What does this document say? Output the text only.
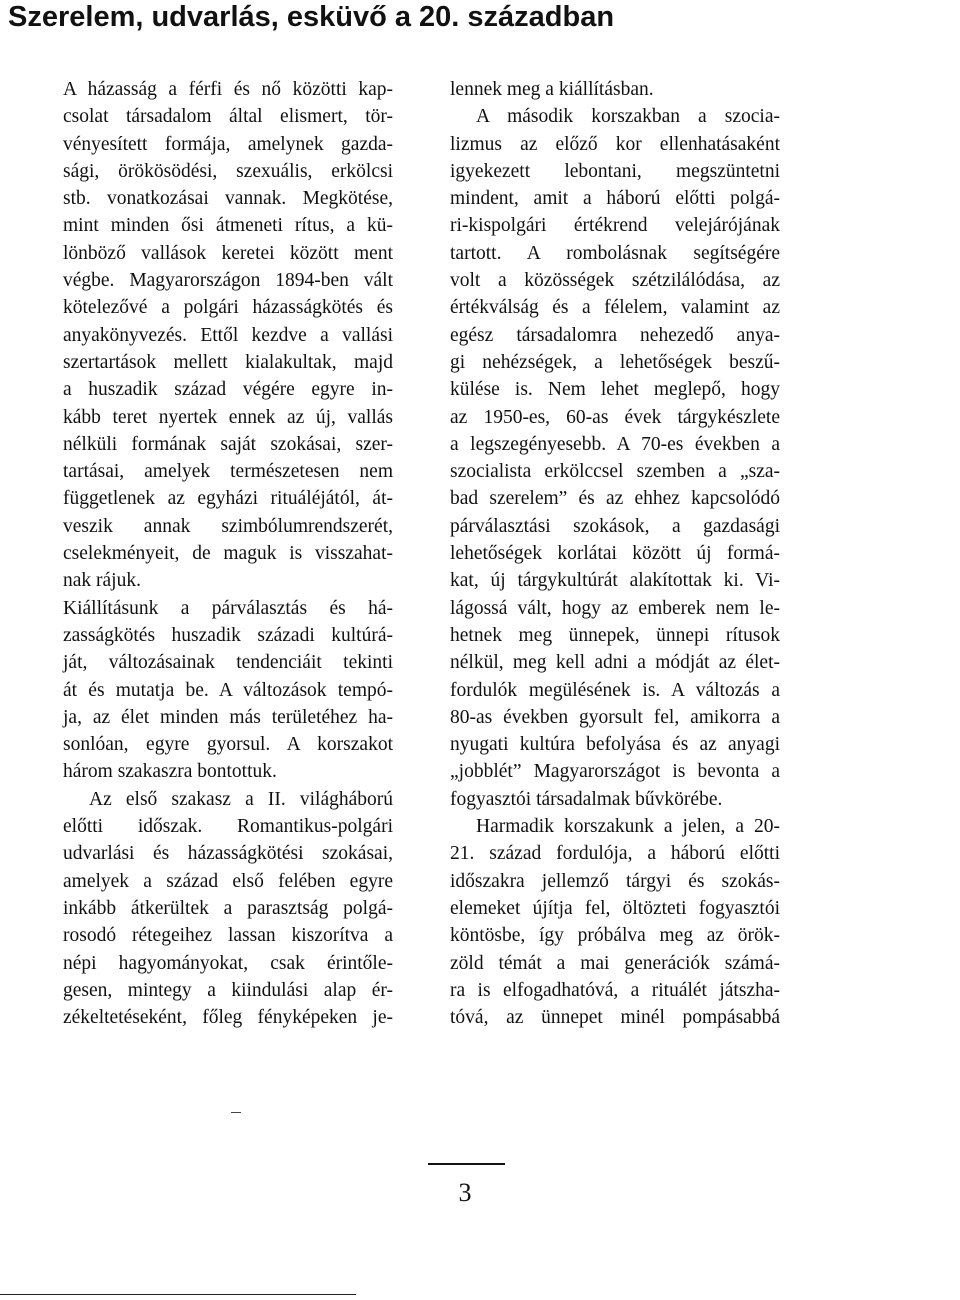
Szerelem, udvarlás, esküvő a 20. században
A házasság a férfi és nő közötti kap-
csolat társadalom által elismert, tör-
vényesített formája, amelynek gazda-
sági, örökösödési, szexuális, erkölcsi
stb. vonatkozásai vannak. Megkötése,
mint minden ősi átmeneti rítus, a kü-
lönböző vallások keretei között ment
végbe. Magyarországon 1894-ben vált
kötelezővé a polgári házasságkötés és
anyakönyvezés. Ettől kezdve a vallási
szertartások mellett kialakultak, majd
a huszadik század végére egyre in-
kább teret nyertek ennek az új, vallás
nélküli formának saját szokásai, szer-
tartásai, amelyek természetesen nem
függetlenek az egyházi rituáléjától, át-
veszik annak szimbólumrendszerét,
cselekményeit, de maguk is visszahat-
nak rájuk.
Kiállításunk a párválasztás és há-
zasságkötés huszadik századi kultúrá-
ját, változásainak tendenciáit tekinti
át és mutatja be. A változások tempó-
ja, az élet minden más területéhez ha-
sonlóan, egyre gyorsul. A korszakot
három szakaszra bontottuk.
Az első szakasz a II. világháború
előtti időszak. Romantikus-polgári
udvarlási és házasságkötési szokásai,
amelyek a század első felében egyre
inkább átkerültek a parasztság polgá-
rosodó rétegeihez lassan kiszorítva a
népi hagyományokat, csak érintőle-
gesen, mintegy a kiindulási alap ér-
zékeltetéseként, főleg fényképeken je-
lennek meg a kiállításban.
A második korszakban a szocia-
lizmus az előző kor ellenhatásaként
igyekezett lebontani, megszüntetni
mindent, amit a háború előtti polgá-
ri-kispolgári értékrend velejárójának
tartott. A rombolásnak segítségére
volt a közösségek szétzilálódása, az
értékválság és a félelem, valamint az
egész társadalomra nehezedő anya-
gi nehézségek, a lehetőségek beszű-
külése is. Nem lehet meglepő, hogy
az 1950-es, 60-as évek tárgykészlete
a legszegényesebb. A 70-es években a
szocialista erkölccsel szemben a „sza-
bad szerelem” és az ehhez kapcsolódó
párválasztási szokások, a gazdasági
lehetőségek korlátai között új formá-
kat, új tárgykultúrát alakítottak ki. Vi-
lágossá vált, hogy az emberek nem le-
hetnek meg ünnepek, ünnepi rítusok
nélkül, meg kell adni a módját az élet-
fordulók megülésének is. A változás a
80-as években gyorsult fel, amikorra a
nyugati kultúra befolyása és az anyagi
„jobblét” Magyarországot is bevonta a
fogyasztói társadalmak bűvkörébe.
Harmadik korszakunk a jelen, a 20-
21. század fordulója, a háború előtti
időszakra jellemző tárgyi és szokás-
elemeket újítja fel, öltözteti fogyasztói
köntösbe, így próbálva meg az örök-
zöld témát a mai generációk számá-
ra is elfogadhatóvá, a rituálét játszha-
tóvá, az ünnepet minél pompásabbá
3
